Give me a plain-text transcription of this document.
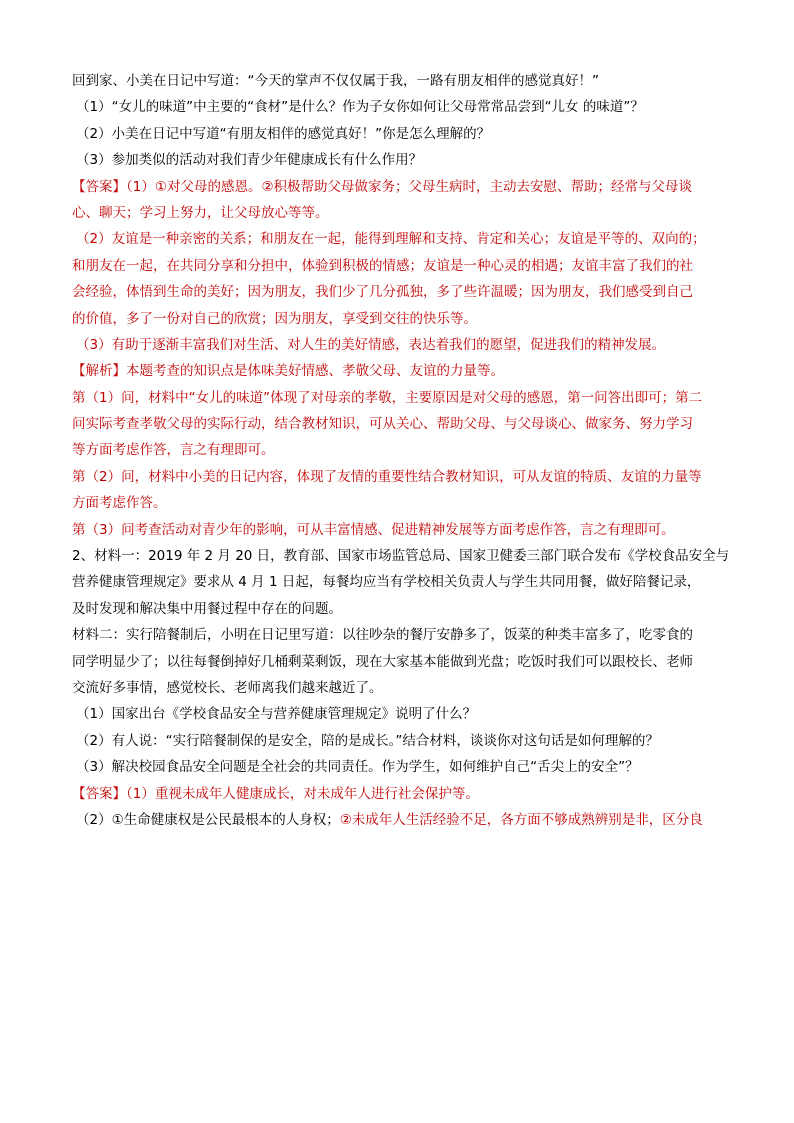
回到家、小美在日记中写道：“今天的掌声不仅仅属于我，一路有朋友相伴的感觉真好！”

（1）“女儿的味道”中主要的“食材”是什么？作为子女你如何让父母常常品尝到“儿女 的味道”？

（2）小美在日记中写道“有朋友相伴的感觉真好！”你是怎么理解的？

（3）参加类似的活动对我们青少年健康成长有什么作用？

【答案】（1）①对父母的感恩。②积极帮助父母做家务；父母生病时，主动去安慰、帮助；经常与父母谈

心、聊天；学习上努力，让父母放心等等。

（2）友谊是一种亲密的关系；和朋友在一起，能得到理解和支持、肯定和关心；友谊是平等的、双向的；

和朋友在一起，在共同分享和分担中，体验到积极的情感；友谊是一种心灵的相遇；友谊丰富了我们的社

会经验，体悟到生命的美好；因为朋友，我们少了几分孤独，多了些许温暖；因为朋友，我们感受到自己

的价值，多了一份对自己的欣赏；因为朋友，享受到交往的快乐等。

（3）有助于逐渐丰富我们对生活、对人生的美好情感，表达着我们的愿望，促进我们的精神发展。

【解析】本题考查的知识点是体味美好情感、孝敬父母、友谊的力量等。

第（1）问，材料中“女儿的味道”体现了对母亲的孝敬，主要原因是对父母的感恩，第一问答出即可；第二

问实际考查孝敬父母的实际行动，结合教材知识，可从关心、帮助父母、与父母谈心、做家务、努力学习

等方面考虑作答，言之有理即可。

第（2）问，材料中小美的日记内容，体现了友情的重要性结合教材知识，可从友谊的特质、友谊的力量等

方面考虑作答。

第（3）问考查活动对青少年的影响，可从丰富情感、促进精神发展等方面考虑作答，言之有理即可。

2、材料一：2019 年 2 月 20 日，教育部、国家市场监管总局、国家卫健委三部门联合发布《学校食品安全与

营养健康管理规定》要求从 4 月 1 日起，每餐均应当有学校相关负责人与学生共同用餐，做好陪餐记录，

及时发现和解决集中用餐过程中存在的问题。

材料二：实行陪餐制后，小明在日记里写道：以往吵杂的餐厅安静多了，饭菜的种类丰富多了，吃零食的

同学明显少了；以往每餐倒掉好几桶剩菜剩饭，现在大家基本能做到光盘；吃饭时我们可以跟校长、老师

交流好多事情，感觉校长、老师离我们越来越近了。

（1）国家出台《学校食品安全与营养健康管理规定》说明了什么？

（2）有人说：“实行陪餐制保的是安全，陪的是成长。”结合材料，谈谈你对这句话是如何理解的？

（3）解决校园食品安全问题是全社会的共同责任。作为学生，如何维护自己“舌尖上的安全”？

【答案】（1）重视未成年人健康成长，对未成年人进行社会保护等。

（2）①生命健康权是公民最根本的人身权；②未成年人生活经验不足，各方面不够成熟辨别是非，区分良
